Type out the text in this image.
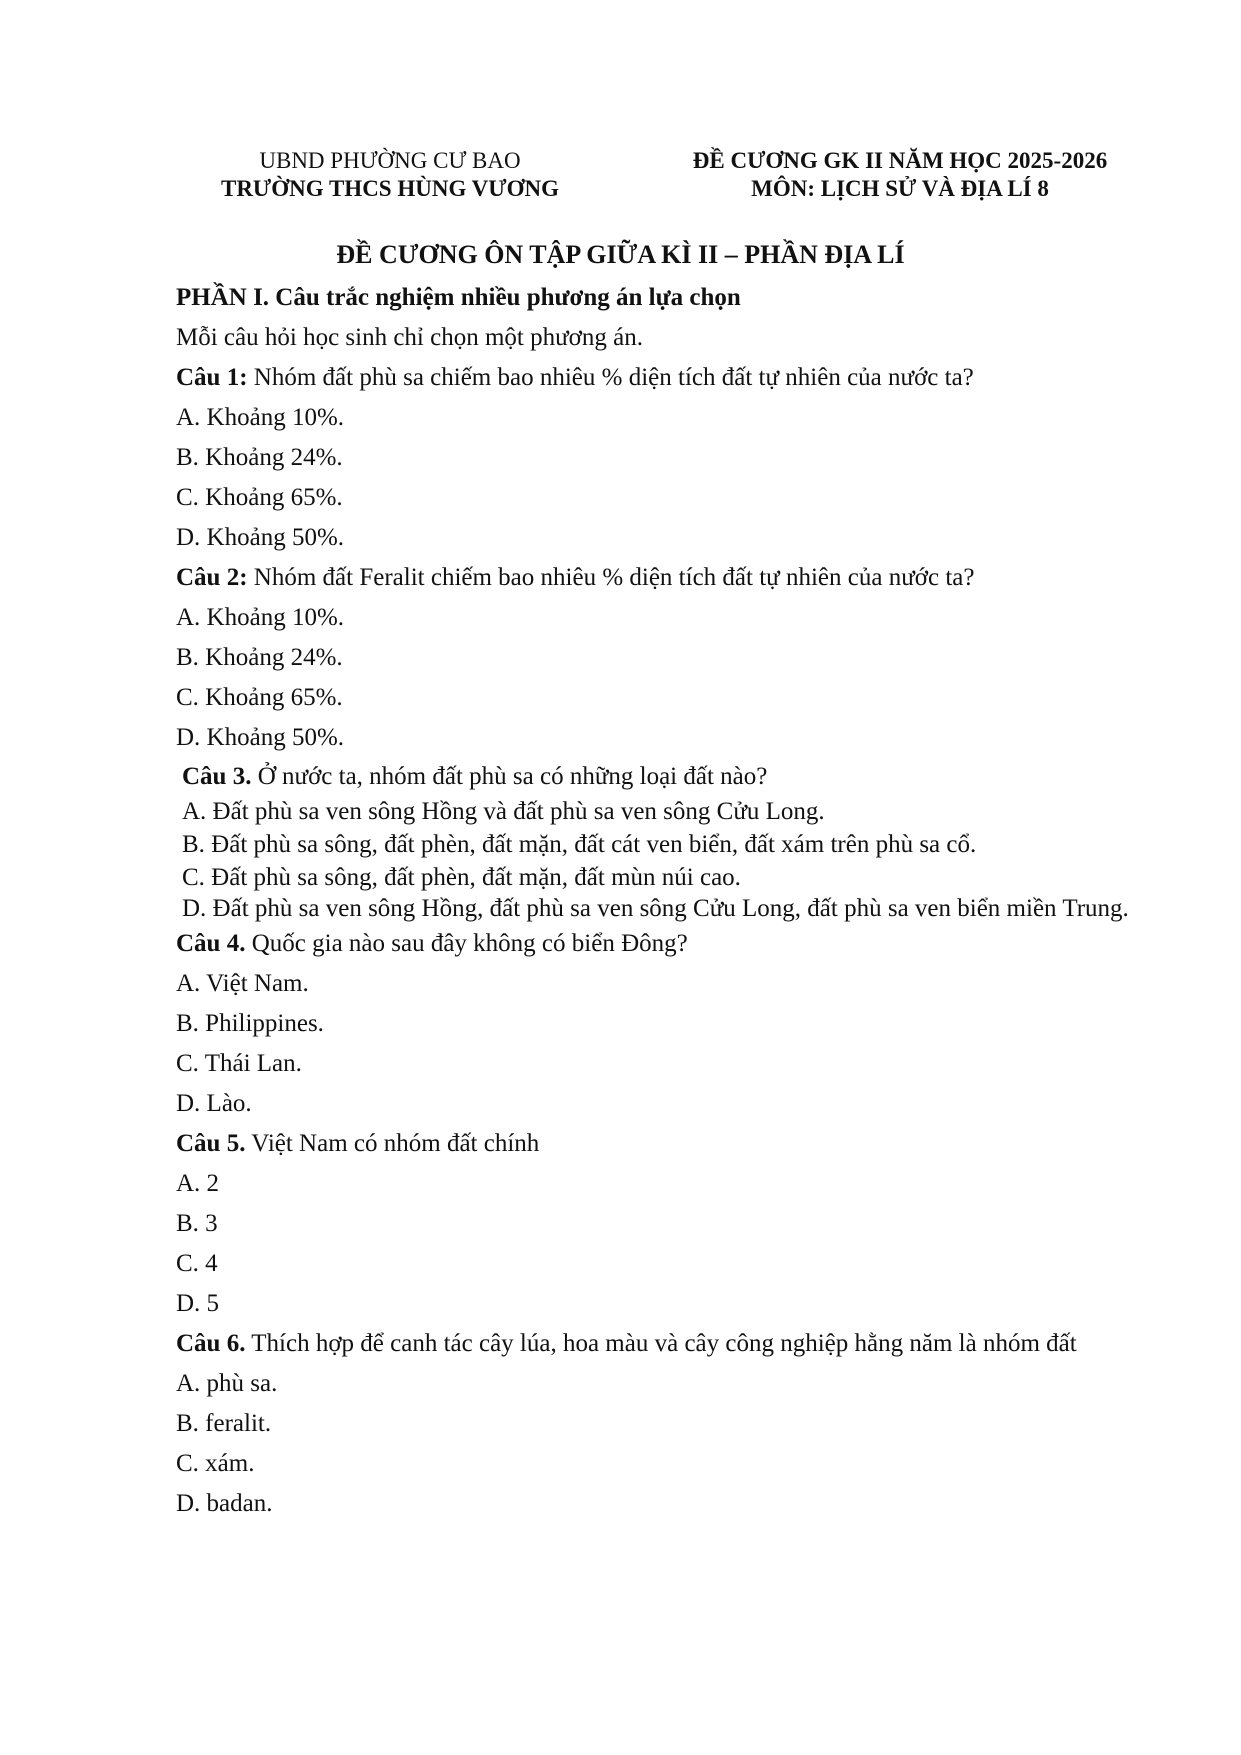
UBND PHƯỜNG CƯ BAO
TRƯỜNG THCS HÙNG VƯƠNG
ĐỀ CƯƠNG GK II NĂM HỌC 2025-2026
MÔN: LỊCH SỬ VÀ ĐỊA LÍ 8
ĐỀ CƯƠNG ÔN TẬP GIỮA KÌ II – PHẦN ĐỊA LÍ
PHẦN I. Câu trắc nghiệm nhiều phương án lựa chọn
Mỗi câu hỏi học sinh chỉ chọn một phương án.
Câu 1: Nhóm đất phù sa chiếm bao nhiêu % diện tích đất tự nhiên của nước ta?
A. Khoảng 10%.
B. Khoảng 24%.
C. Khoảng 65%.
D. Khoảng 50%.
Câu 2: Nhóm đất Feralit chiếm bao nhiêu % diện tích đất tự nhiên của nước ta?
A. Khoảng 10%.
B. Khoảng 24%.
C. Khoảng 65%.
D. Khoảng 50%.
Câu 3. Ở nước ta, nhóm đất phù sa có những loại đất nào?
A. Đất phù sa ven sông Hồng và đất phù sa ven sông Cửu Long.
B. Đất phù sa sông, đất phèn, đất mặn, đất cát ven biển, đất xám trên phù sa cổ.
C. Đất phù sa sông, đất phèn, đất mặn, đất mùn núi cao.
D. Đất phù sa ven sông Hồng, đất phù sa ven sông Cửu Long, đất phù sa ven biển miền Trung.
Câu 4. Quốc gia nào sau đây không có biển Đông?
A. Việt Nam.
B. Philippines.
C. Thái Lan.
D. Lào.
Câu 5. Việt Nam có nhóm đất chính
A. 2
B. 3
C. 4
D. 5
Câu 6. Thích hợp để canh tác cây lúa, hoa màu và cây công nghiệp hằng năm là nhóm đất
A. phù sa.
B. feralit.
C. xám.
D. badan.
